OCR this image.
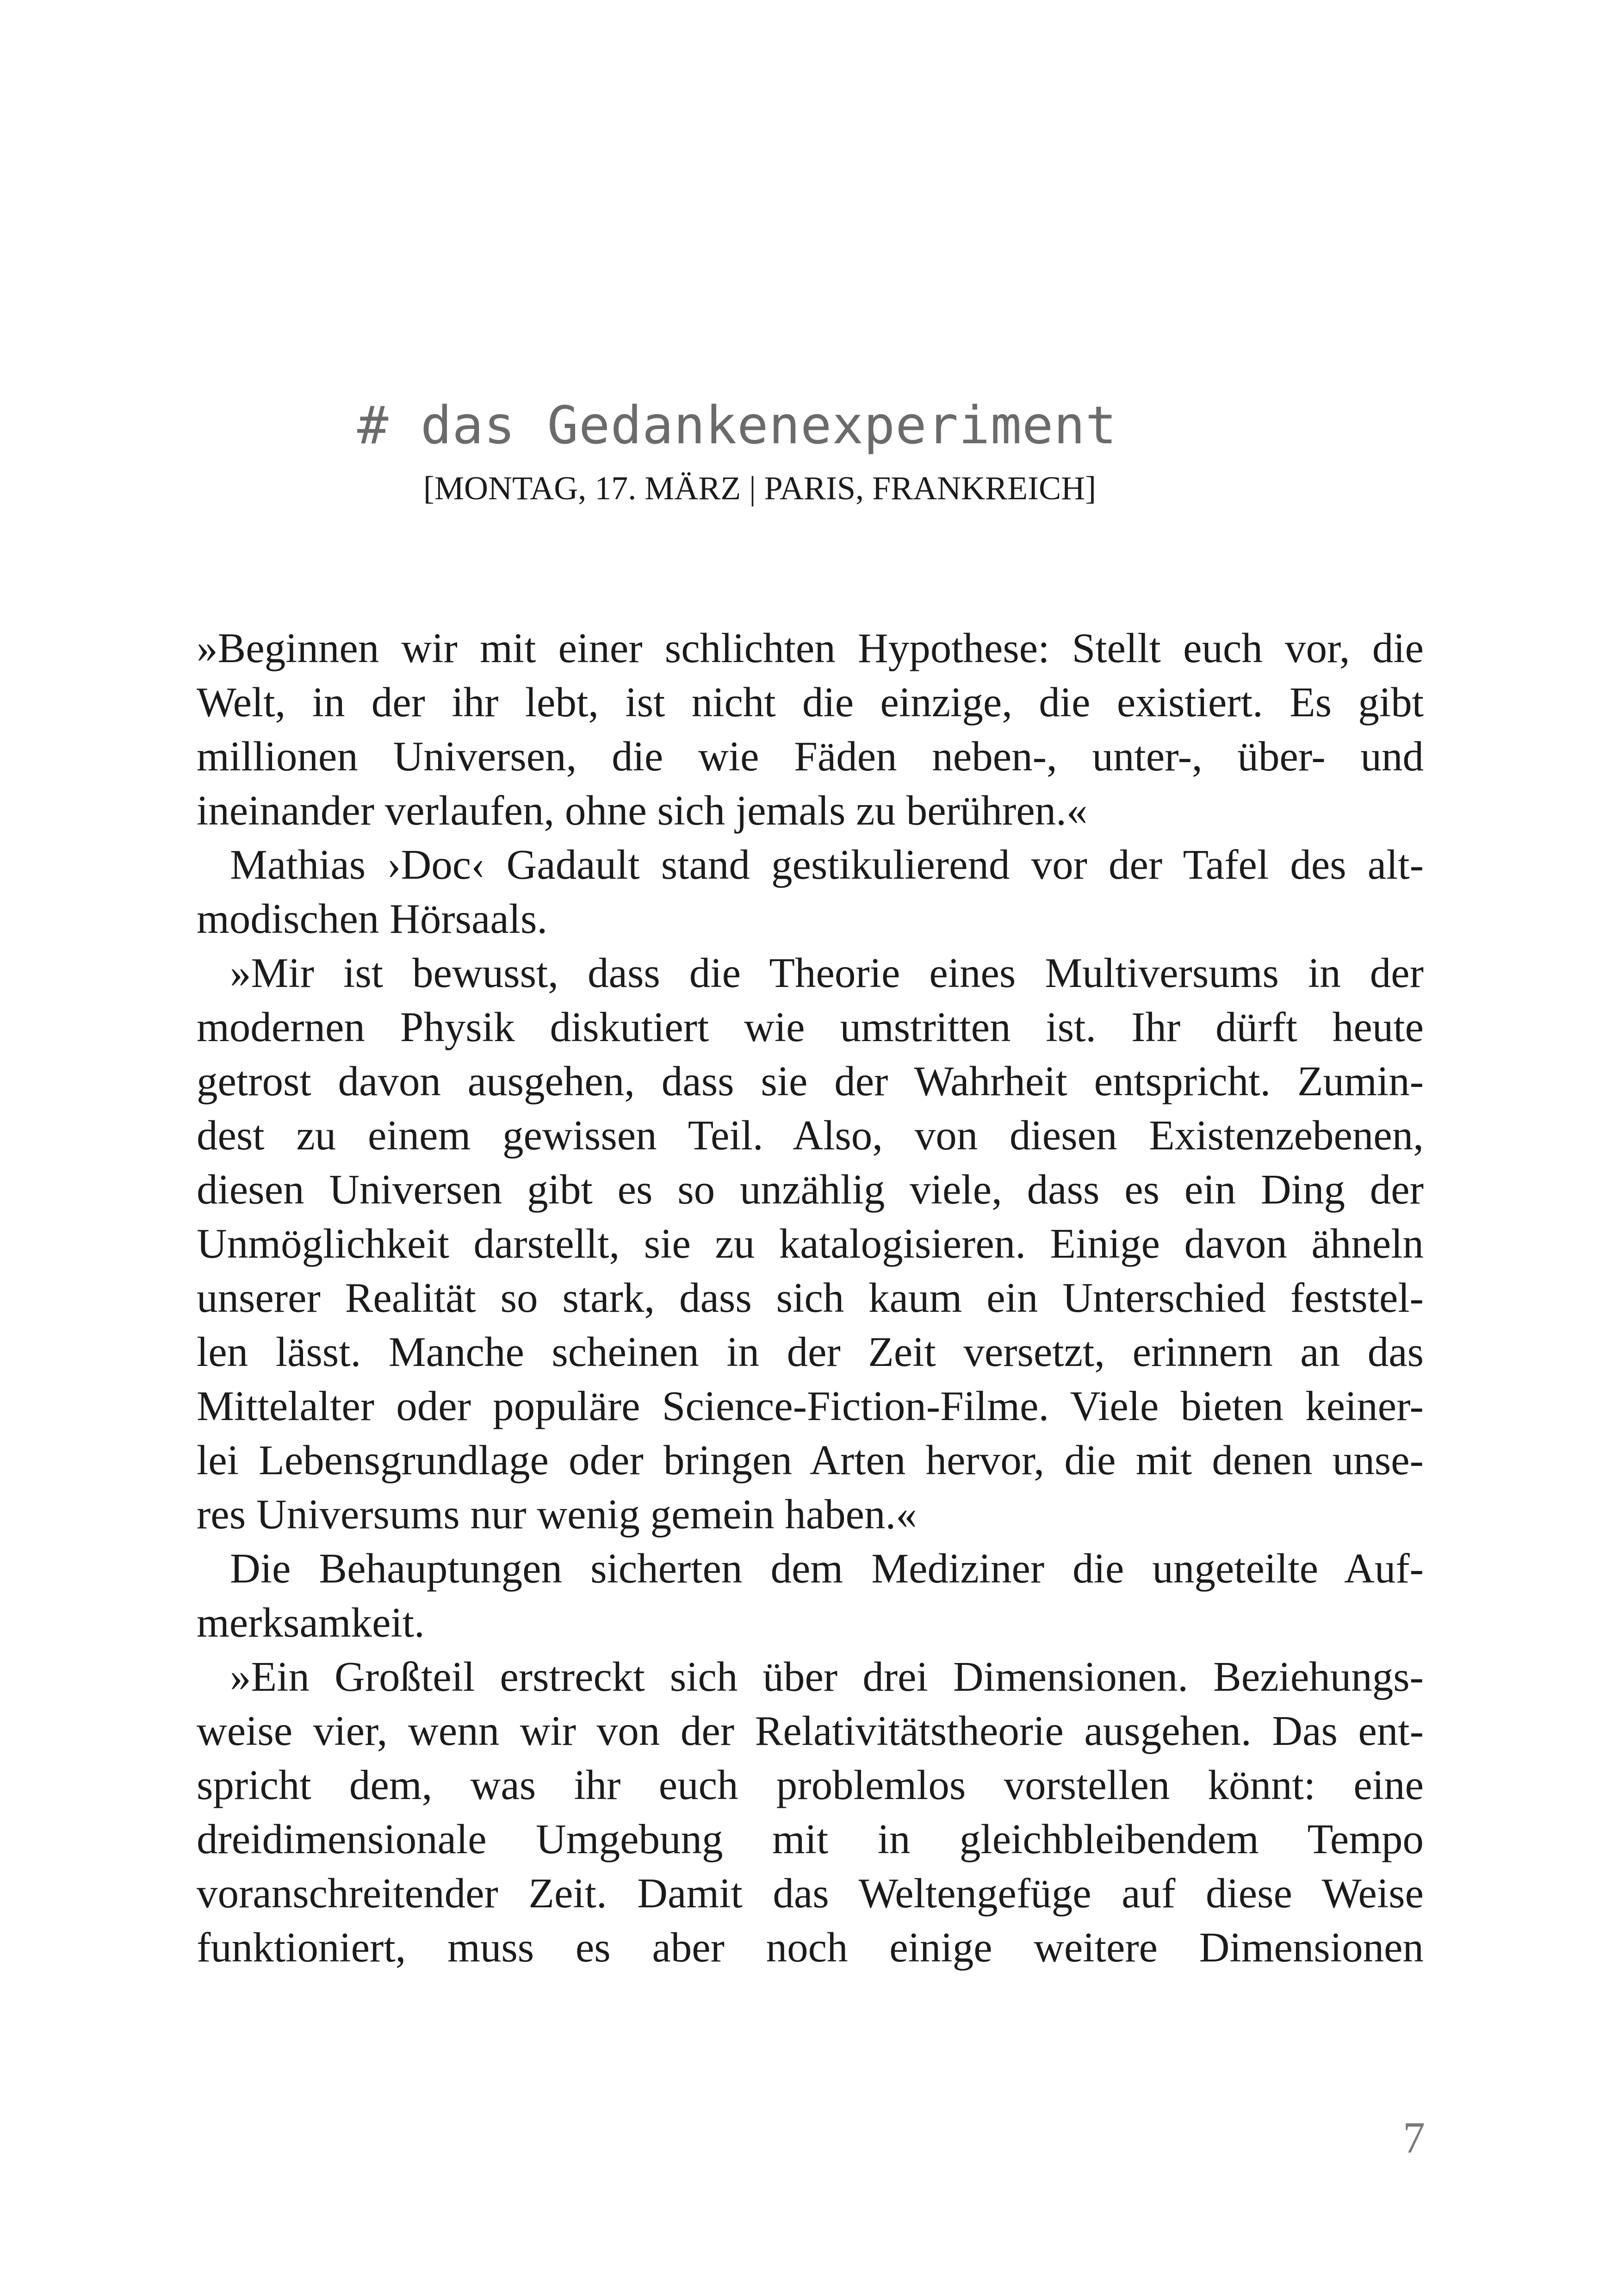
# das Gedankenexperiment
[MONTAG, 17. MÄRZ | PARIS, FRANKREICH]
»Beginnen wir mit einer schlichten Hypothese: Stellt euch vor, die
Welt, in der ihr lebt, ist nicht die einzige, die existiert. Es gibt
millionen Universen, die wie Fäden neben-, unter-, über- und
ineinander verlaufen, ohne sich jemals zu berühren.«
Mathias ›Doc‹ Gadault stand gestikulierend vor der Tafel des alt-
modischen Hörsaals.
»Mir ist bewusst, dass die Theorie eines Multiversums in der
modernen Physik diskutiert wie umstritten ist. Ihr dürft heute
getrost davon ausgehen, dass sie der Wahrheit entspricht. Zumin-
dest zu einem gewissen Teil. Also, von diesen Existenzebenen,
diesen Universen gibt es so unzählig viele, dass es ein Ding der
Unmöglichkeit darstellt, sie zu katalogisieren. Einige davon ähneln
unserer Realität so stark, dass sich kaum ein Unterschied feststel-
len lässt. Manche scheinen in der Zeit versetzt, erinnern an das
Mittelalter oder populäre Science-Fiction-Filme. Viele bieten keiner-
lei Lebensgrundlage oder bringen Arten hervor, die mit denen unse-
res Universums nur wenig gemein haben.«
Die Behauptungen sicherten dem Mediziner die ungeteilte Auf-
merksamkeit.
»Ein Großteil erstreckt sich über drei Dimensionen. Beziehungs-
weise vier, wenn wir von der Relativitätstheorie ausgehen. Das ent-
spricht dem, was ihr euch problemlos vorstellen könnt: eine
dreidimensionale Umgebung mit in gleichbleibendem Tempo
voranschreitender Zeit. Damit das Weltengefüge auf diese Weise
funktioniert, muss es aber noch einige weitere Dimensionen
7
